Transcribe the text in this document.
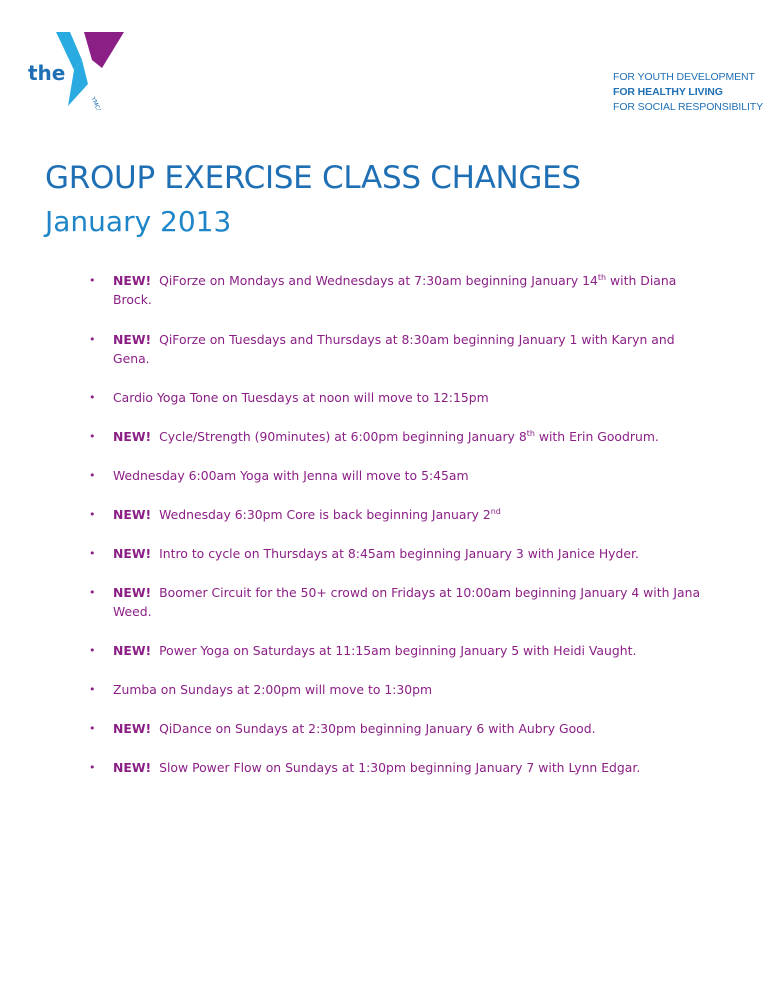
the
YMCA
FOR YOUTH DEVELOPMENT
FOR HEALTHY LIVING
FOR SOCIAL RESPONSIBILITY
GROUP EXERCISE CLASS CHANGES
January 2013
• NEW! QiForze on Mondays and Wednesdays at 7:30am beginning January 14th with Diana Brock.
• NEW! QiForze on Tuesdays and Thursdays at 8:30am beginning January 1 with Karyn and Gena.
• Cardio Yoga Tone on Tuesdays at noon will move to 12:15pm
• NEW! Cycle/Strength (90minutes) at 6:00pm beginning January 8th with Erin Goodrum.
• Wednesday 6:00am Yoga with Jenna will move to 5:45am
• NEW! Wednesday 6:30pm Core is back beginning January 2nd
• NEW! Intro to cycle on Thursdays at 8:45am beginning January 3 with Janice Hyder.
• NEW! Boomer Circuit for the 50+ crowd on Fridays at 10:00am beginning January 4 with Jana Weed.
• NEW! Power Yoga on Saturdays at 11:15am beginning January 5 with Heidi Vaught.
• Zumba on Sundays at 2:00pm will move to 1:30pm
• NEW! QiDance on Sundays at 2:30pm beginning January 6 with Aubry Good.
• NEW! Slow Power Flow on Sundays at 1:30pm beginning January 7 with Lynn Edgar.
